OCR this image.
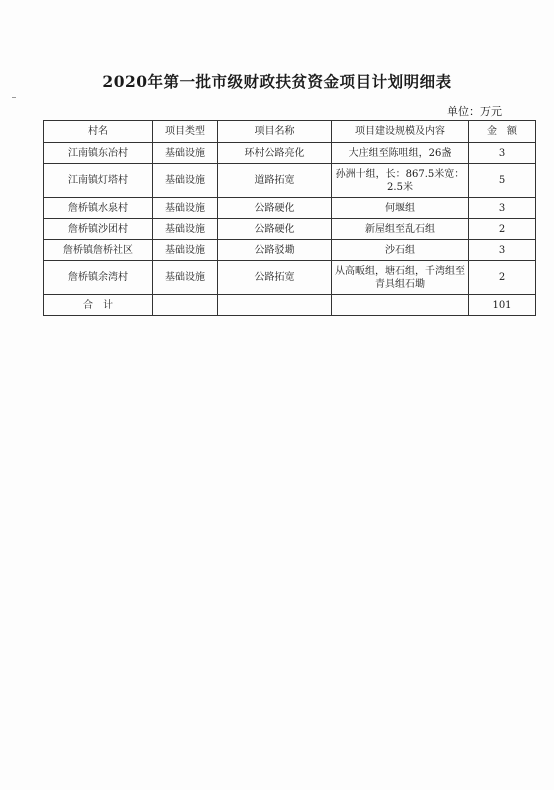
2020年第一批市级财政扶贫资金项目计划明细表
单位：万元
村名	项目类型	项目名称	项目建设规模及内容	金　额
江南镇东冶村	基础设施	环村公路亮化	大庄组至陈咀组，26盏	3
江南镇灯塔村	基础设施	道路拓宽	孙洲十组，长：867.5米宽：2.5米	5
詹桥镇水泉村	基础设施	公路硬化	何堰组	3
詹桥镇沙团村	基础设施	公路硬化	新屋组至乱石组	2
詹桥镇詹桥社区	基础设施	公路驳墈	沙石组	3
詹桥镇余湾村	基础设施	公路拓宽	从高畈组，塘石组，千湾组至青具组石墈	2
合　计				101
